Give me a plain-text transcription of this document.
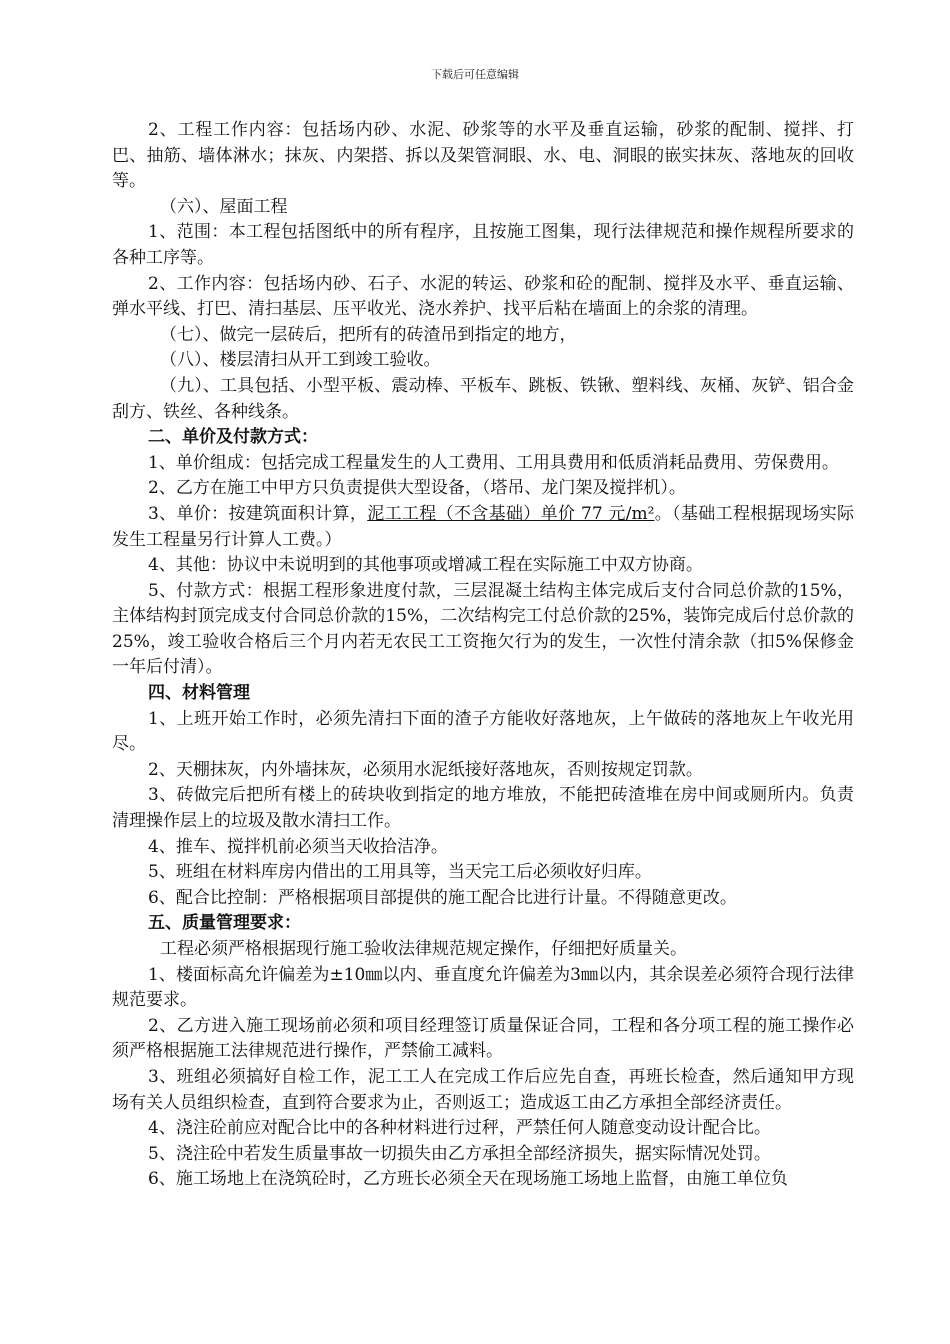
下载后可任意编辑

2、工程工作内容：包括场内砂、水泥、砂浆等的水平及垂直运输，砂浆的配制、搅拌、打巴、抽筋、墙体淋水；抹灰、内架搭、拆以及架管洞眼、水、电、洞眼的嵌实抹灰、落地灰的回收等。

（六）、屋面工程

1、范围：本工程包括图纸中的所有程序，且按施工图集，现行法律规范和操作规程所要求的各种工序等。

2、工作内容：包括场内砂、石子、水泥的转运、砂浆和砼的配制、搅拌及水平、垂直运输、弹水平线、打巴、清扫基层、压平收光、浇水养护、找平后粘在墙面上的余浆的清理。

（七）、做完一层砖后，把所有的砖渣吊到指定的地方，

（八）、楼层清扫从开工到竣工验收。

（九）、工具包括、小型平板、震动棒、平板车、跳板、铁锹、塑料线、灰桶、灰铲、铝合金刮方、铁丝、各种线条。

二、单价及付款方式：

1、单价组成：包括完成工程量发生的人工费用、工用具费用和低质消耗品费用、劳保费用。

2、乙方在施工中甲方只负责提供大型设备，（塔吊、龙门架及搅拌机）。

3、单价：按建筑面积计算，泥工工程（不含基础）单价 77 元/m²。（基础工程根据现场实际发生工程量另行计算人工费。）

4、其他：协议中未说明到的其他事项或增减工程在实际施工中双方协商。

5、付款方式：根据工程形象进度付款，三层混凝土结构主体完成后支付合同总价款的15%，主体结构封顶完成支付合同总价款的15%，二次结构完工付总价款的25%，装饰完成后付总价款的25%，竣工验收合格后三个月内若无农民工工资拖欠行为的发生，一次性付清余款（扣5%保修金一年后付清）。

四、材料管理

1、上班开始工作时，必须先清扫下面的渣子方能收好落地灰，上午做砖的落地灰上午收光用尽。

2、天棚抹灰，内外墙抹灰，必须用水泥纸接好落地灰，否则按规定罚款。

3、砖做完后把所有楼上的砖块收到指定的地方堆放，不能把砖渣堆在房中间或厕所内。负责清理操作层上的垃圾及散水清扫工作。

4、推车、搅拌机前必须当天收拾洁净。

5、班组在材料库房内借出的工用具等，当天完工后必须收好归库。

6、配合比控制：严格根据项目部提供的施工配合比进行计量。不得随意更改。

五、质量管理要求：

工程必须严格根据现行施工验收法律规范规定操作，仔细把好质量关。

1、楼面标高允许偏差为±10㎜以内、垂直度允许偏差为3㎜以内，其余误差必须符合现行法律规范要求。

2、乙方进入施工现场前必须和项目经理签订质量保证合同，工程和各分项工程的施工操作必须严格根据施工法律规范进行操作，严禁偷工减料。

3、班组必须搞好自检工作，泥工工人在完成工作后应先自查，再班长检查，然后通知甲方现场有关人员组织检查，直到符合要求为止，否则返工；造成返工由乙方承担全部经济责任。

4、浇注砼前应对配合比中的各种材料进行过秤，严禁任何人随意变动设计配合比。

5、浇注砼中若发生质量事故一切损失由乙方承担全部经济损失，据实际情况处罚。

6、施工场地上在浇筑砼时，乙方班长必须全天在现场施工场地上监督，由施工单位负
